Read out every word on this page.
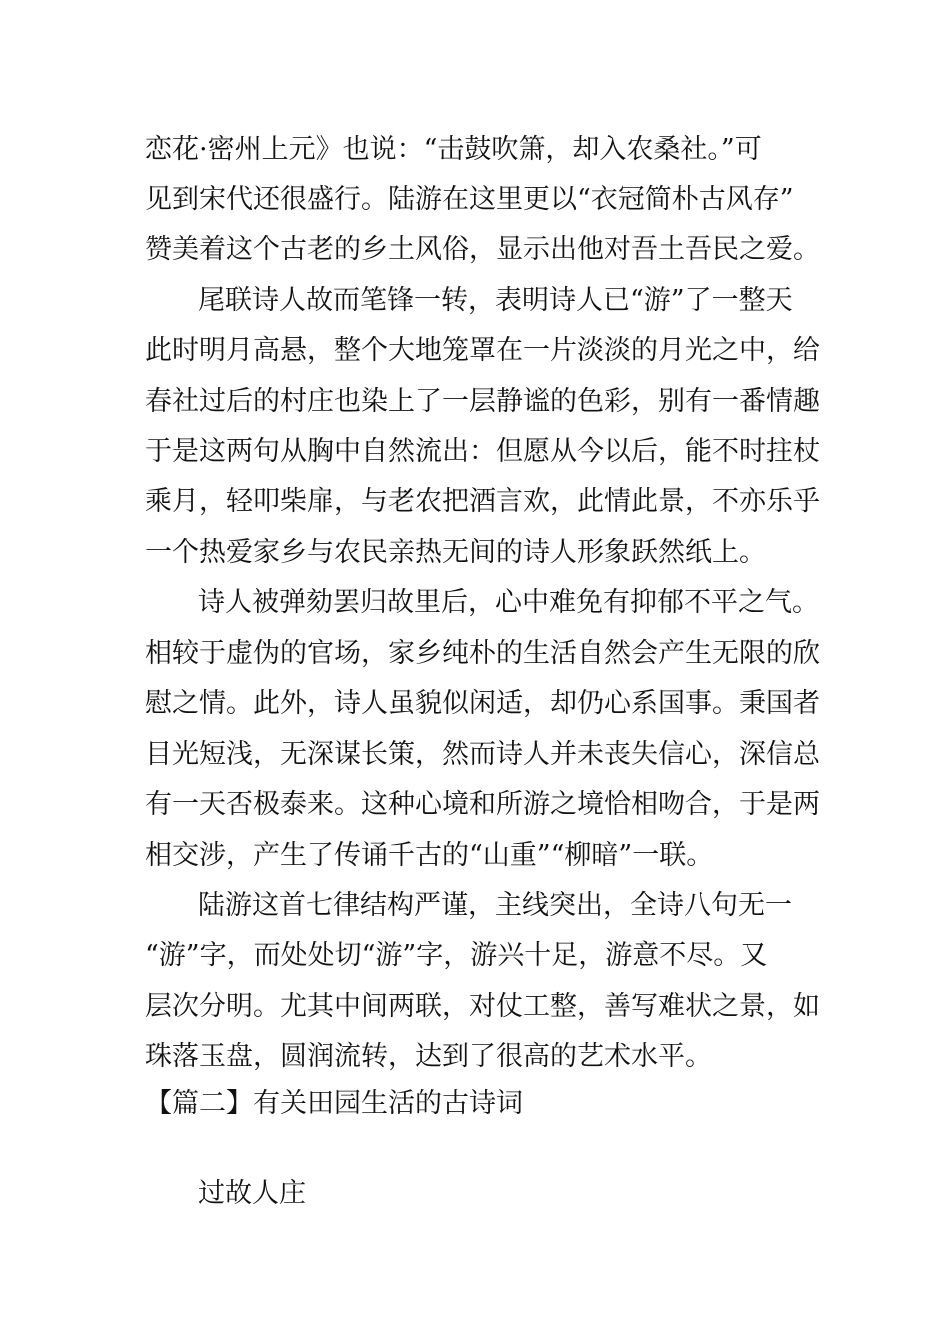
恋花·密州上元》也说：“击鼓吹箫，却入农桑社。”可
见到宋代还很盛行。陆游在这里更以“衣冠简朴古风存”
赞美着这个古老的乡土风俗，显示出他对吾土吾民之爱。
尾联诗人故而笔锋一转，表明诗人已“游”了一整天
此时明月高悬，整个大地笼罩在一片淡淡的月光之中，给
春社过后的村庄也染上了一层静谧的色彩，别有一番情趣
于是这两句从胸中自然流出：但愿从今以后，能不时拄杖
乘月，轻叩柴扉，与老农把酒言欢，此情此景，不亦乐乎
一个热爱家乡与农民亲热无间的诗人形象跃然纸上。
诗人被弹劾罢归故里后，心中难免有抑郁不平之气。
相较于虚伪的官场，家乡纯朴的生活自然会产生无限的欣
慰之情。此外，诗人虽貌似闲适，却仍心系国事。秉国者
目光短浅，无深谋长策，然而诗人并未丧失信心，深信总
有一天否极泰来。这种心境和所游之境恰相吻合，于是两
相交涉，产生了传诵千古的“山重”“柳暗”一联。
陆游这首七律结构严谨，主线突出，全诗八句无一
“游”字，而处处切“游”字，游兴十足，游意不尽。又
层次分明。尤其中间两联，对仗工整，善写难状之景，如
珠落玉盘，圆润流转，达到了很高的艺术水平。
【篇二】有关田园生活的古诗词
过故人庄
